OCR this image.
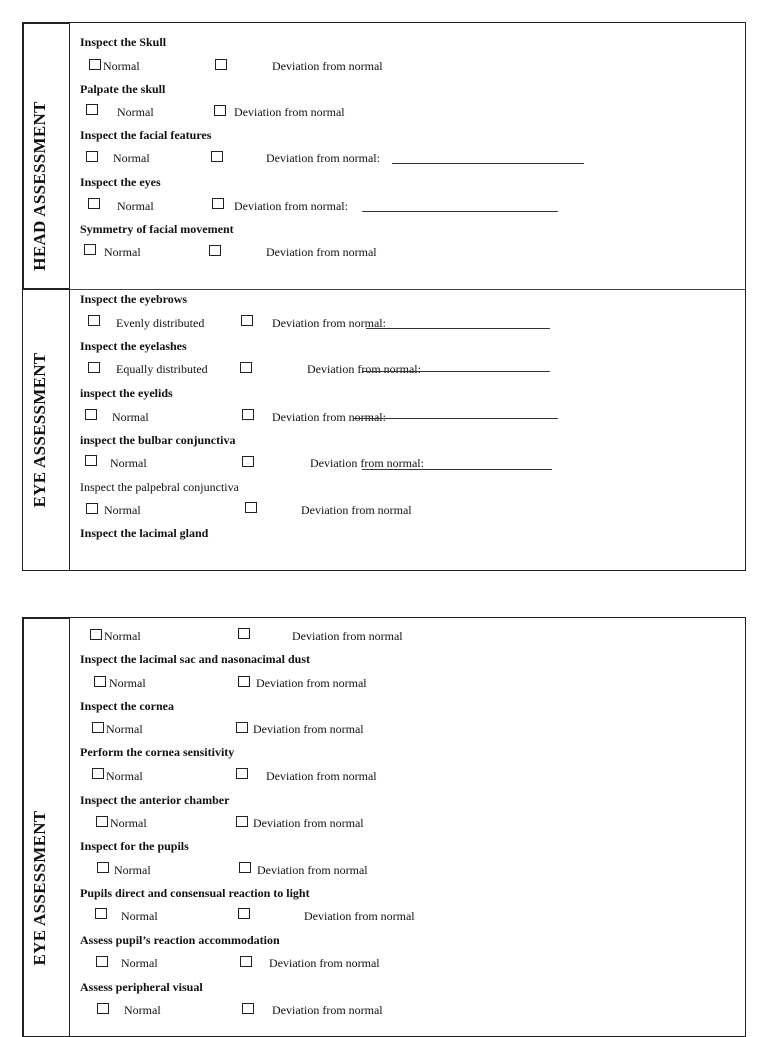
HEAD ASSESSMENT
EYE ASSESSMENT
Inspect the Skull
Normal	Deviation from normal
Palpate the skull
Normal	Deviation from normal
Inspect the facial features
Normal	Deviation from normal:
Inspect the eyes
Normal	Deviation from normal:
Symmetry of facial movement
Normal	Deviation from normal
Inspect the eyebrows
Evenly distributed	Deviation from normal:
Inspect the eyelashes
Equally distributed	Deviation from normal:
inspect the eyelids
Normal	Deviation from normal:
inspect the bulbar conjunctiva
Normal	Deviation from normal:
Inspect the palpebral conjunctiva
Normal	Deviation from normal
Inspect the lacimal gland
EYE ASSESSMENT
Normal	Deviation from normal
Inspect the lacimal sac and nasonacimal dust
Normal	Deviation from normal
Inspect the cornea
Normal	Deviation from normal
Perform the cornea sensitivity
Normal	Deviation from normal
Inspect the anterior chamber
Normal	Deviation from normal
Inspect for the pupils
Normal	Deviation from normal
Pupils direct and consensual reaction to light
Normal	Deviation from normal
Assess pupil’s reaction accommodation
Normal	Deviation from normal
Assess peripheral visual
Normal	Deviation from normal
